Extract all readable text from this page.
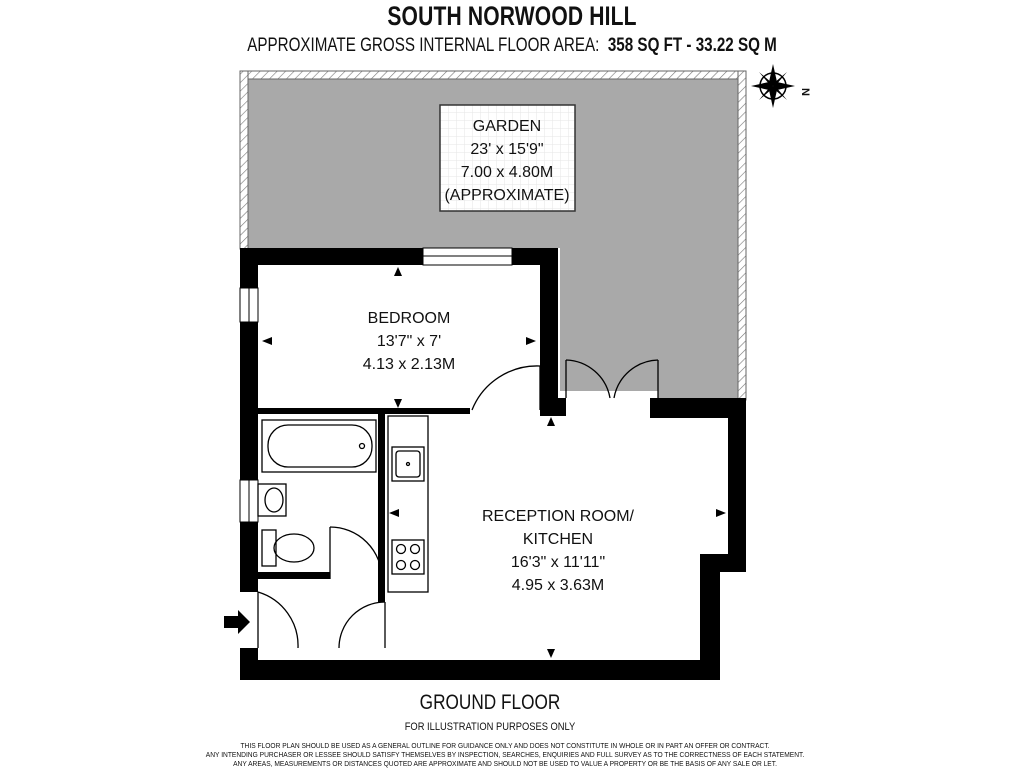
SOUTH NORWOOD HILL
APPROXIMATE GROSS INTERNAL FLOOR AREA: 358 SQ FT - 33.22 SQ M
GARDEN
23' x 15'9"
7.00 x 4.80M
(APPROXIMATE)
BEDROOM
13'7" x 7'
4.13 x 2.13M
RECEPTION ROOM/
KITCHEN
16'3" x 11'11"
4.95 x 3.63M
N
GROUND FLOOR
FOR ILLUSTRATION PURPOSES ONLY
THIS FLOOR PLAN SHOULD BE USED AS A GENERAL OUTLINE FOR GUIDANCE ONLY AND DOES NOT CONSTITUTE IN WHOLE OR IN PART AN OFFER OR CONTRACT.
ANY INTENDING PURCHASER OR LESSEE SHOULD SATISFY THEMSELVES BY INSPECTION, SEARCHES, ENQUIRIES AND FULL SURVEY AS TO THE CORRECTNESS OF EACH STATEMENT.
ANY AREAS, MEASUREMENTS OR DISTANCES QUOTED ARE APPROXIMATE AND SHOULD NOT BE USED TO VALUE A PROPERTY OR BE THE BASIS OF ANY SALE OR LET.
